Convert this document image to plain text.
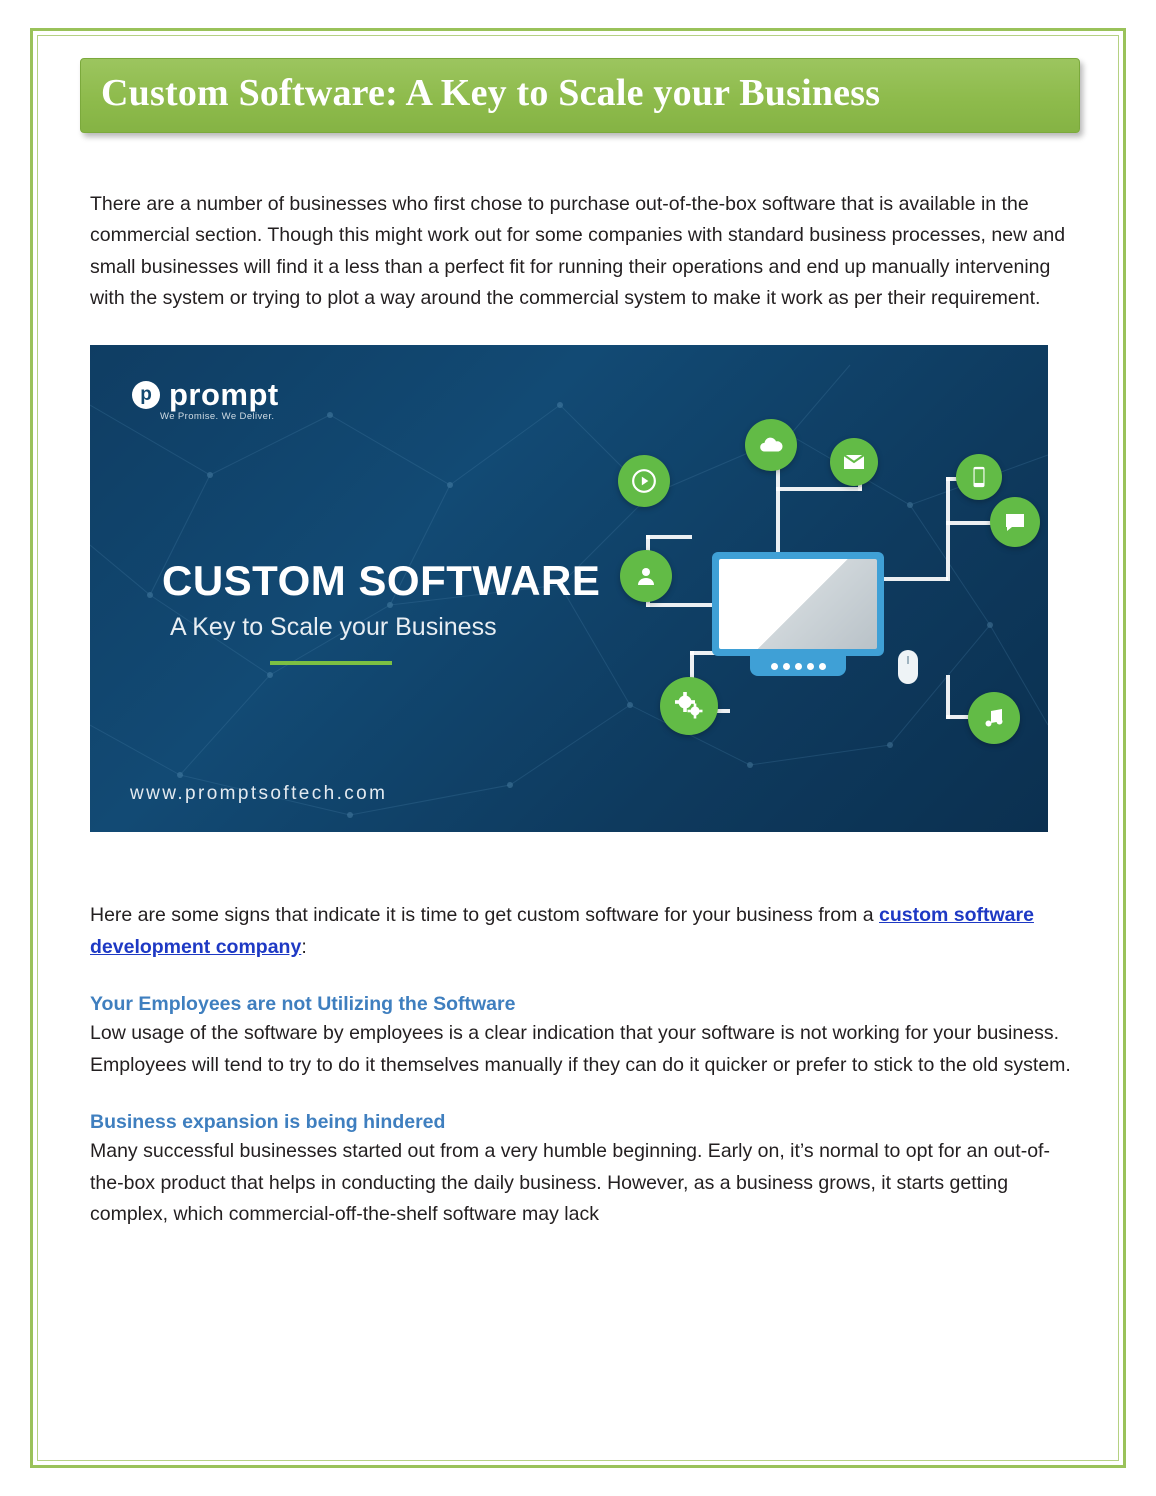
Custom Software: A Key to Scale your Business

There are a number of businesses who first chose to purchase out-of-the-box software that is available in the commercial section. Though this might work out for some companies with standard business processes, new and small businesses will find it a less than a perfect fit for running their operations and end up manually intervening with the system or trying to plot a way around the commercial system to make it work as per their requirement.

p prompt
We Promise. We Deliver.
CUSTOM SOFTWARE
A Key to Scale your Business
www.promptsoftech.com

Here are some signs that indicate it is time to get custom software for your business from a custom software development company:

Your Employees are not Utilizing the Software

Low usage of the software by employees is a clear indication that your software is not working for your business. Employees will tend to try to do it themselves manually if they can do it quicker or prefer to stick to the old system.

Business expansion is being hindered

Many successful businesses started out from a very humble beginning. Early on, it’s normal to opt for an out-of-the-box product that helps in conducting the daily business. However, as a business grows, it starts getting complex, which commercial-off-the-shelf software may lack
